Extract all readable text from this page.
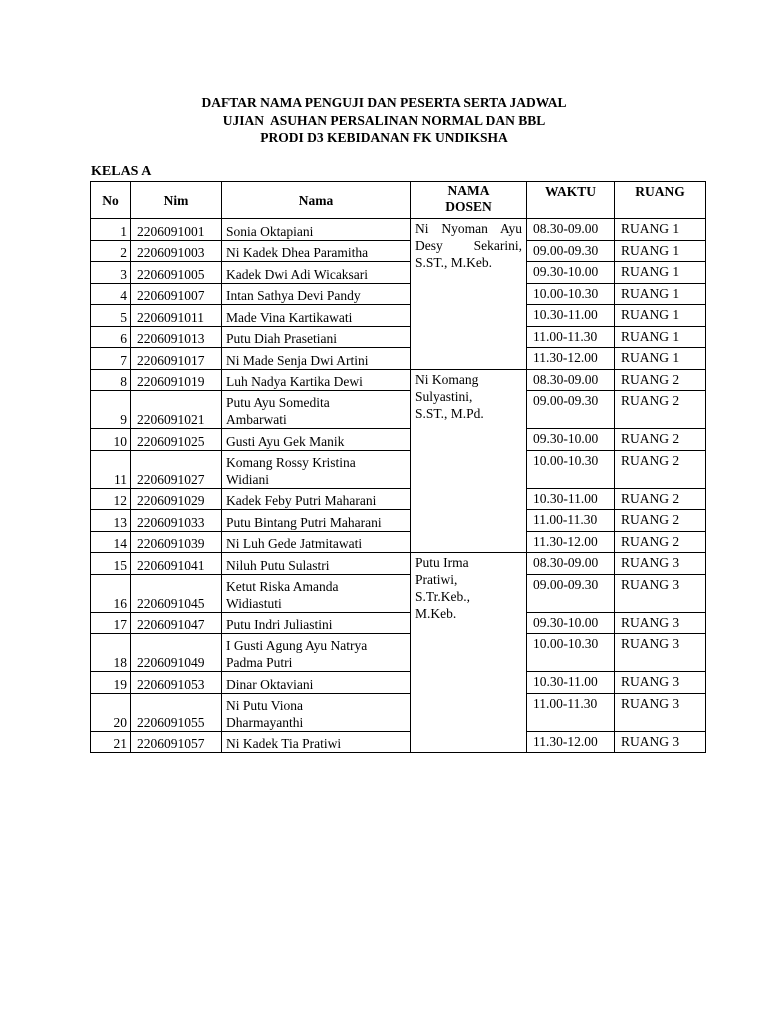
DAFTAR NAMA PENGUJI DAN PESERTA SERTA JADWAL
UJIAN  ASUHAN PERSALINAN NORMAL DAN BBL
PRODI D3 KEBIDANAN FK UNDIKSHA
KELAS A
No	Nim	Nama	NAMA
DOSEN	WAKTU	RUANG
1	2206091001	Sonia Oktapiani	Ni Nyoman Ayu
Desy Sekarini,
S.ST., M.Keb.	08.30-09.00	RUANG 1
2	2206091003	Ni Kadek Dhea Paramitha		09.00-09.30	RUANG 1
3	2206091005	Kadek Dwi Adi Wicaksari		09.30-10.00	RUANG 1
4	2206091007	Intan Sathya Devi Pandy		10.00-10.30	RUANG 1
5	2206091011	Made Vina Kartikawati		10.30-11.00	RUANG 1
6	2206091013	Putu Diah Prasetiani		11.00-11.30	RUANG 1
7	2206091017	Ni Made Senja Dwi Artini		11.30-12.00	RUANG 1
8	2206091019	Luh Nadya Kartika Dewi	Ni Komang
Sulyastini,
S.ST., M.Pd.	08.30-09.00	RUANG 2
9	2206091021	Putu Ayu Somedita
Ambarwati		09.00-09.30	RUANG 2
10	2206091025	Gusti Ayu Gek Manik		09.30-10.00	RUANG 2
11	2206091027	Komang Rossy Kristina
Widiani		10.00-10.30	RUANG 2
12	2206091029	Kadek Feby Putri Maharani		10.30-11.00	RUANG 2
13	2206091033	Putu Bintang Putri Maharani		11.00-11.30	RUANG 2
14	2206091039	Ni Luh Gede Jatmitawati		11.30-12.00	RUANG 2
15	2206091041	Niluh Putu Sulastri	Putu Irma
Pratiwi,
S.Tr.Keb.,
M.Keb.	08.30-09.00	RUANG 3
16	2206091045	Ketut Riska Amanda
Widiastuti		09.00-09.30	RUANG 3
17	2206091047	Putu Indri Juliastini		09.30-10.00	RUANG 3
18	2206091049	I Gusti Agung Ayu Natrya
Padma Putri		10.00-10.30	RUANG 3
19	2206091053	Dinar Oktaviani		10.30-11.00	RUANG 3
20	2206091055	Ni Putu Viona
Dharmayanthi		11.00-11.30	RUANG 3
21	2206091057	Ni Kadek Tia Pratiwi		11.30-12.00	RUANG 3
